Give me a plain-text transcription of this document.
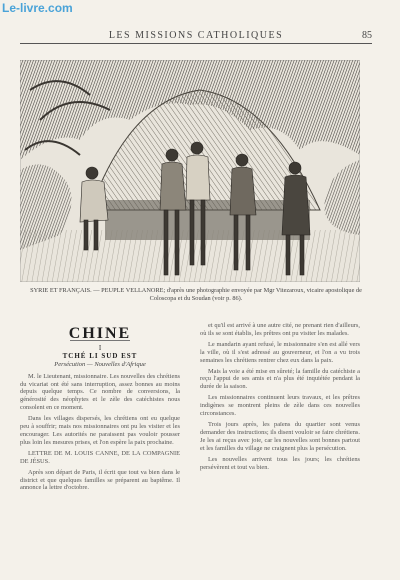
Le-livre.com
LES MISSIONS CATHOLIQUES	85
SYRIE ET FRANÇAIS. — PEUPLE VELLANORE; d'après une photographie envoyée par Mgr Vitezaroux, vicaire apostolique de Coloscopa et du Soudan (voir p. 86).
CHINE
I
TCHÉ LI SUD EST
Persécution — Nouvelles d'Afrique

M. le Lieutenant, missionnaire. Les nouvelles des chrétiens du vicariat ont été sans interruption, assez bonnes au moins depuis quelque temps. Ce nombre de conversions, la générosité des néophytes et le zèle des catéchistes nous consolent en ce moment.

Dans les villages dispersés, les chrétiens ont eu quelque peu à souffrir; mais nos missionnaires ont pu les visiter et les encourager. Les autorités ne paraissent pas vouloir pousser plus loin les mesures prises, et l'on espère la paix prochaine.

LETTRE DE M. LOUIS CANNE, DE LA COMPAGNIE DE JÉSUS.

Après son départ de Paris, il écrit que tout va bien dans le district et que quelques familles se préparent au baptême. Il annonce la lettre d'octobre.

et qu'il est arrivé à une autre cité, ne prenant rien d'ailleurs, où ils se sont établis, les prêtres ont pu visiter les malades.

Le mandarin ayant refusé, le missionnaire s'en est allé vers la ville, où il s'est adressé au gouverneur, et l'on a vu trois semaines les chrétiens rentrer chez eux dans la paix.

Mais la voie a été mise en sûreté; la famille du catéchiste a reçu l'appui de ses amis et n'a plus été inquiétée pendant la durée de la saison.

Les missionnaires continuent leurs travaux, et les prêtres indigènes se montrent pleins de zèle dans ces nouvelles circonstances.

Trois jours après, les païens du quartier sont venus demander des instructions; ils disent vouloir se faire chrétiens. Je les ai reçus avec joie, car les nouvelles sont bonnes partout et les familles du village ne craignent plus la persécution.

Les nouvelles arrivent tous les jours; les chrétiens persévèrent et tout va bien.
